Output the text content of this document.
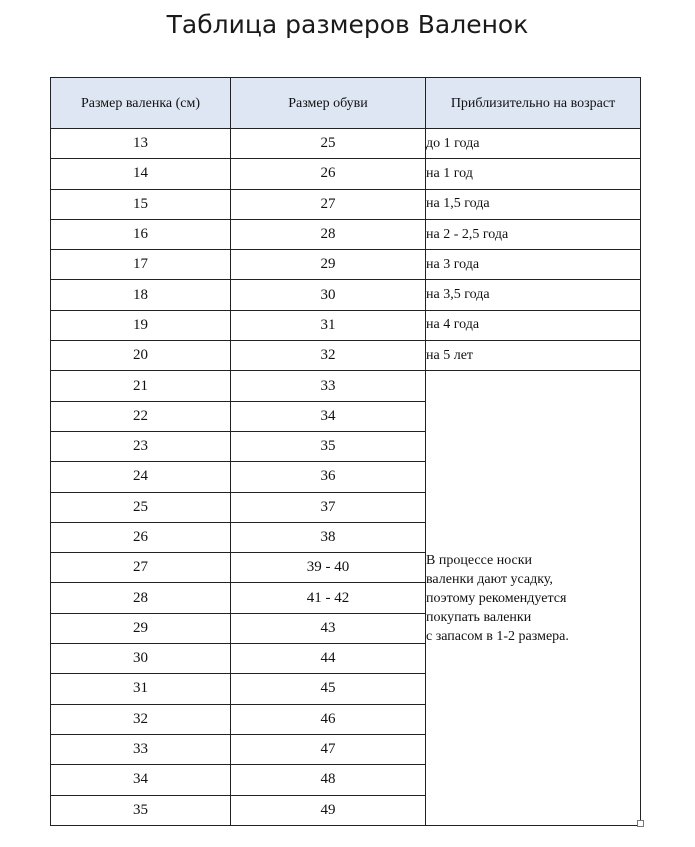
Таблица размеров Валенок
Размер валенка (см)	Размер обуви	Приблизительно на возраст
13	25	до 1 года
14	26	на 1 год
15	27	на 1,5 года
16	28	на 2 - 2,5 года
17	29	на 3 года
18	30	на 3,5 года
19	31	на 4 года
20	32	на 5 лет
21	33	В процессе носки
валенки дают усадку,
поэтому рекомендуется
покупать валенки
с запасом в 1-2 размера.

22	34	
23	35	
24	36	
25	37	
26	38	
27	39 - 40	
28	41 - 42	
29	43	
30	44	
31	45	
32	46	
33	47	
34	48	
35	49	
